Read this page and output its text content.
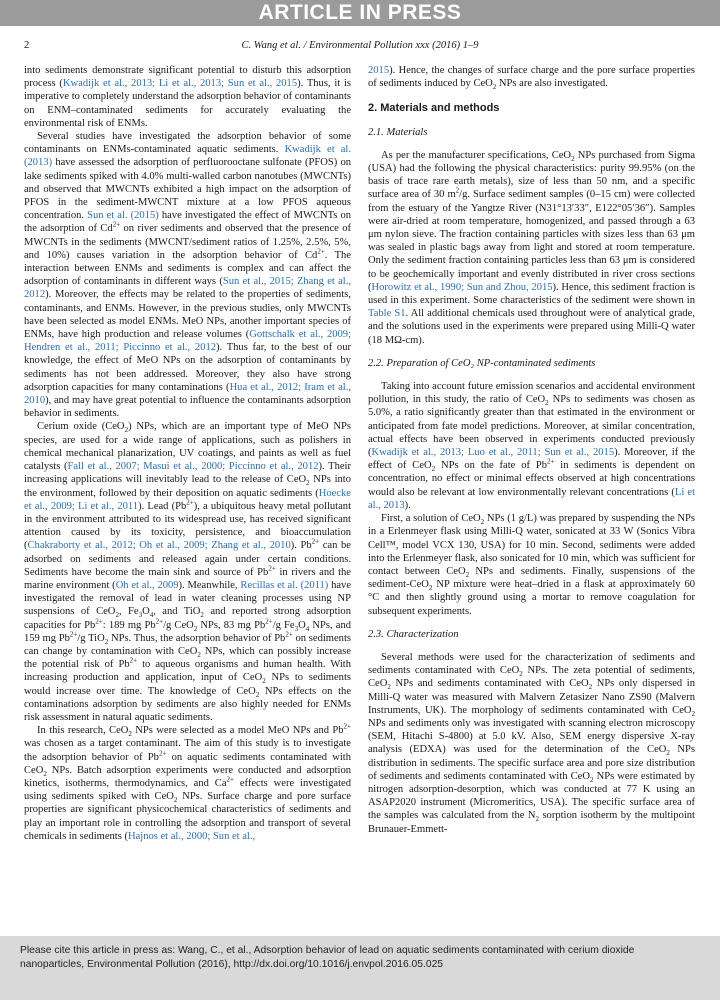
ARTICLE IN PRESS
2	C. Wang et al. / Environmental Pollution xxx (2016) 1–9

into sediments demonstrate significant potential to disturb this adsorption process (Kwadijk et al., 2013; Li et al., 2013; Sun et al., 2015). Thus, it is imperative to completely understand the adsorption behavior of contaminants on ENM–contaminated sediments for accurately evaluating the environmental risk of ENMs.

Several studies have investigated the adsorption behavior of some contaminants on ENMs-contaminated aquatic sediments. Kwadijk et al. (2013) have assessed the adsorption of perfluorooctane sulfonate (PFOS) on lake sediments spiked with 4.0% multi-walled carbon nanotubes (MWCNTs) and observed that MWCNTs exhibited a high impact on the adsorption of PFOS in the sediment-MWCNT mixture at a low PFOS aqueous concentration. Sun et al. (2015) have investigated the effect of MWCNTs on the adsorption of $Cd^{2+}$ on river sediments and observed that the presence of MWCNTs in the sediments (MWCNT/sediment ratios of 1.25%, 2.5%, 5%, and 10%) causes variation in the adsorption behavior of $Cd^{2+}$. The interaction between ENMs and sediments is complex and can affect the adsorption of contaminants in different ways (Sun et al., 2015; Zhang et al., 2012). Moreover, the effects may be related to the properties of sediments, contaminants, and ENMs. However, in the previous studies, only MWCNTs have been selected as model ENMs. MeO NPs, another important species of ENMs, have high production and release volumes (Gottschalk et al., 2009; Hendren et al., 2011; Piccinno et al., 2012). Thus far, to the best of our knowledge, the effect of MeO NPs on the adsorption of contaminants by sediments has not been addressed. Moreover, they also have strong adsorption capacities for many contaminations (Hua et al., 2012; Iram et al., 2010), and may have great potential to influence the contaminants adsorption behavior in sediments.

Cerium oxide (CeO$_2$) NPs, which are an important type of MeO NPs species, are used for a wide range of applications, such as polishers in chemical mechanical planarization, UV coatings, and paints as well as fuel catalysts (Fall et al., 2007; Masui et al., 2000; Piccinno et al., 2012). Their increasing applications will inevitably lead to the release of CeO$_2$ NPs into the environment, followed by their deposition on aquatic sediments (Hoecke et al., 2009; Li et al., 2011). Lead $(Pb^{2+})$, a ubiquitous heavy metal pollutant in the environment attributed to its widespread use, has received significant attention caused by its toxicity, persistence, and bioaccumulation (Chakraborty et al., 2012; Oh et al., 2009; Zhang et al., 2010). $Pb^{2+}$ can be adsorbed on sediments and released again under certain conditions. Sediments have become the main sink and source of $Pb^{2+}$ in rivers and the marine environment (Oh et al., 2009). Meanwhile, Recillas et al. (2011) have investigated the removal of lead in water cleaning processes using NP suspensions of CeO$_2$, $Fe_3O_4$, and TiO$_2$ and reported strong adsorption capacities for $Pb^{2+}$: 189 mg $Pb^{2+}/g$ CeO$_2$ NPs, 83 mg $Pb^{2+}/g$ $Fe_3O_4$ NPs, and 159 mg $Pb^{2+}/g$ TiO$_2$ NPs. Thus, the adsorption behavior of $Pb^{2+}$ on sediments can change by contamination with CeO$_2$ NPs, which can possibly increase the potential risk of $Pb^{2+}$ to aqueous organisms and human health. With increasing production and application, input of CeO$_2$ NPs to sediments would increase over time. The knowledge of CeO$_2$ NPs effects on the contaminations adsorption by sediments are also highly needed for ENMs risk assessment in natural aquatic sediments.

In this research, CeO$_2$ NPs were selected as a model MeO NPs and $Pb^{2+}$ was chosen as a target contaminant. The aim of this study is to investigate the adsorption behavior of $Pb^{2+}$ on aquatic sediments contaminated with CeO$_2$ NPs. Batch adsorption experiments were conducted and adsorption kinetics, isotherms, thermodynamics, and $Ca^{2+}$ effects were investigated using sediments spiked with CeO$_2$ NPs. Surface charge and pore surface properties are significant physicochemical characteristics of sediments and play an important role in controlling the adsorption and transport of several chemicals in sediments (Hajnos et al., 2000; Sun et al.,

2015). Hence, the changes of surface charge and the pore surface properties of sediments induced by CeO$_2$ NPs are also investigated.

2. Materials and methods
2.1. Materials

As per the manufacturer specifications, CeO$_2$ NPs purchased from Sigma (USA) had the following the physical characteristics: purity 99.95% (on the basis of trace rare earth metals), size of less than 50 nm, and a specific surface area of 30 $m^2/g$. Surface sediment samples (0–15 cm) were collected from the estuary of the Yangtze River (N31°13′33″, E122°05′36″). Samples were air-dried at room temperature, homogenized, and passed through a 63 μm nylon sieve. The fraction containing particles with sizes less than 63 μm was sealed in plastic bags away from light and stored at room temperature. Only the sediment fraction containing particles less than 63 μm is considered to be geochemically important and evenly distributed in river cross sections (Horowitz et al., 1990; Sun and Zhou, 2015). Hence, this sediment fraction is used in this experiment. Some characteristics of the sediment were shown in Table S1. All additional chemicals used throughout were of analytical grade, and the solutions used in the experiments were prepared using Milli-Q water (18 MΩ-cm).

2.2. Preparation of CeO₂ NP-contaminated sediments

Taking into account future emission scenarios and accidental environment pollution, in this study, the ratio of CeO$_2$ NPs to sediments was chosen as 5.0%, a ratio significantly greater than that estimated in the environment or anticipated from fate model predictions. Moreover, at similar concentration, actual effects have been observed in experiments conducted previously (Kwadijk et al., 2013; Luo et al., 2011; Sun et al., 2015). Moreover, if the effect of CeO$_2$ NPs on the fate of $Pb^{2+}$ in sediments is dependent on concentration, no effect or minimal effects observed at high concentrations would also be relevant at low environmentally relevant concentrations (Li et al., 2013).

First, a solution of CeO$_2$ NPs (1 g/L) was prepared by suspending the NPs in a Erlenmeyer flask using Milli-Q water, sonicated at 33 W (Sonics Vibra Cell™, model VCX 130, USA) for 10 min. Second, sediments were added into the Erlenmeyer flask, also sonicated for 10 min, which was sufficient for contact between CeO$_2$ NPs and sediments. Finally, suspensions of the sediment-CeO$_2$ NP mixture were heat–dried in a flask at approximately 60 °C and then slightly ground using a mortar to remove coagulation for subsequent experiments.

2.3. Characterization

Several methods were used for the characterization of sediments and sediments contaminated with CeO$_2$ NPs. The zeta potential of sediments, CeO$_2$ NPs and sediments contaminated with CeO$_2$ NPs only dispersed in Milli-Q water was measured with Malvern Zetasizer Nano ZS90 (Malvern Instruments, UK). The morphology of sediments contaminated with CeO$_2$ NPs and sediments only was investigated with scanning electron microscopy (SEM, Hitachi S-4800) at 5.0 kV. Also, SEM energy dispersive X-ray analysis (EDXA) was used for the determination of the CeO$_2$ NPs distribution in sediments. The specific surface area and pore size distribution of sediments and sediments contaminated with CeO$_2$ NPs were estimated by nitrogen adsorption-desorption, which was conducted at 77 K using an ASAP2020 instrument (Micromeritics, USA). The specific surface area of the samples was calculated from the $N_2$ sorption isotherm by the multipoint Brunauer-Emmett-

Please cite this article in press as: Wang, C., et al., Adsorption behavior of lead on aquatic sediments contaminated with cerium dioxide
nanoparticles, Environmental Pollution (2016), http://dx.doi.org/10.1016/j.envpol.2016.05.025
